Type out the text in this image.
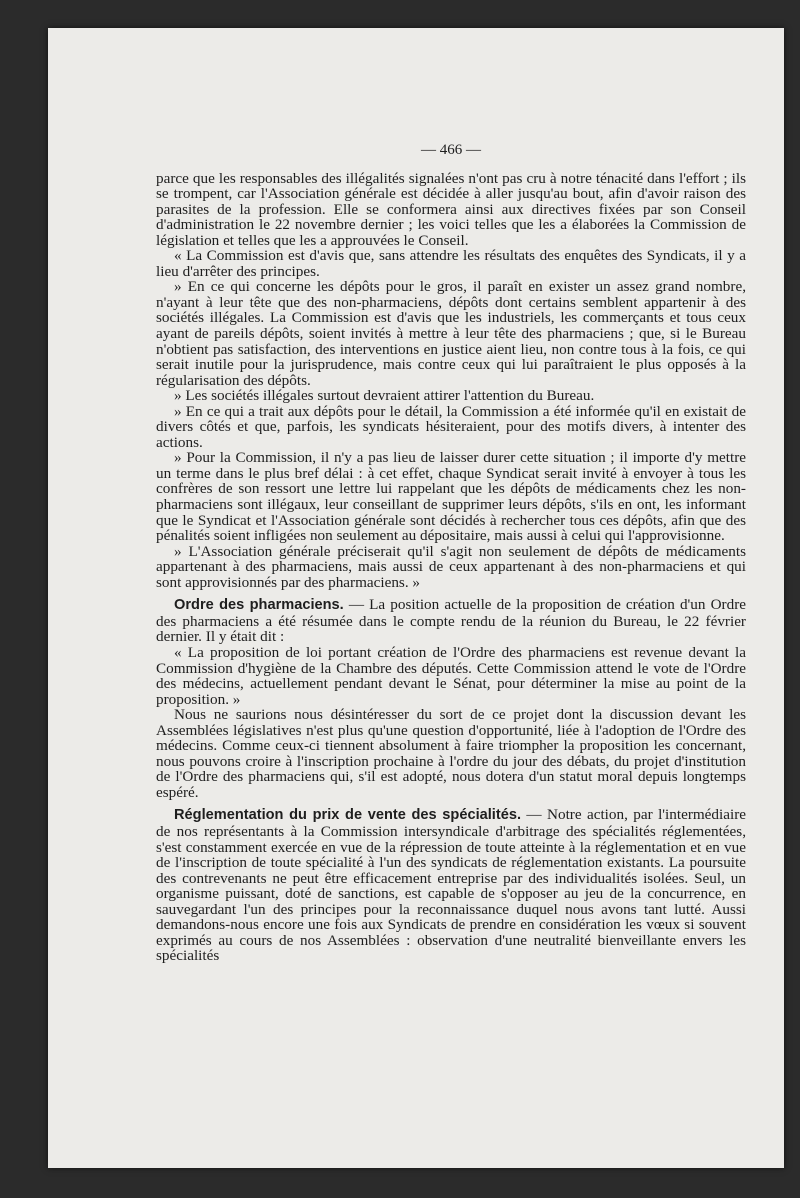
— 466 —

parce que les responsables des illégalités signalées n'ont pas cru à notre ténacité dans l'effort ; ils se trompent, car l'Association générale est décidée à aller jusqu'au bout, afin d'avoir raison des parasites de la profession. Elle se conformera ainsi aux directives fixées par son Conseil d'administration le 22 novembre dernier ; les voici telles que les a élaborées la Commission de législation et telles que les a approuvées le Conseil.

« La Commission est d'avis que, sans attendre les résultats des enquêtes des Syndicats, il y a lieu d'arrêter des principes.

» En ce qui concerne les dépôts pour le gros, il paraît en exister un assez grand nombre, n'ayant à leur tête que des non-pharmaciens, dépôts dont certains semblent appartenir à des sociétés illégales. La Commission est d'avis que les industriels, les commerçants et tous ceux ayant de pareils dépôts, soient invités à mettre à leur tête des pharmaciens ; que, si le Bureau n'obtient pas satisfaction, des interventions en justice aient lieu, non contre tous à la fois, ce qui serait inutile pour la jurisprudence, mais contre ceux qui lui paraîtraient le plus opposés à la régularisation des dépôts.

» Les sociétés illégales surtout devraient attirer l'attention du Bureau.

» En ce qui a trait aux dépôts pour le détail, la Commission a été informée qu'il en existait de divers côtés et que, parfois, les syndicats hésiteraient, pour des motifs divers, à intenter des actions.

» Pour la Commission, il n'y a pas lieu de laisser durer cette situation ; il importe d'y mettre un terme dans le plus bref délai : à cet effet, chaque Syndicat serait invité à envoyer à tous les confrères de son ressort une lettre lui rappelant que les dépôts de médicaments chez les non-pharmaciens sont illégaux, leur conseillant de supprimer leurs dépôts, s'ils en ont, les informant que le Syndicat et l'Association générale sont décidés à rechercher tous ces dépôts, afin que des pénalités soient infligées non seulement au dépositaire, mais aussi à celui qui l'approvisionne.

» L'Association générale préciserait qu'il s'agit non seulement de dépôts de médicaments appartenant à des pharmaciens, mais aussi de ceux appartenant à des non-pharmaciens et qui sont approvisionnés par des pharmaciens. »

Ordre des pharmaciens. — La position actuelle de la proposition de création d'un Ordre des pharmaciens a été résumée dans le compte rendu de la réunion du Bureau, le 22 février dernier. Il y était dit :

« La proposition de loi portant création de l'Ordre des pharmaciens est revenue devant la Commission d'hygiène de la Chambre des députés. Cette Commission attend le vote de l'Ordre des médecins, actuellement pendant devant le Sénat, pour déterminer la mise au point de la proposition. »

Nous ne saurions nous désintéresser du sort de ce projet dont la discussion devant les Assemblées législatives n'est plus qu'une question d'opportunité, liée à l'adoption de l'Ordre des médecins. Comme ceux-ci tiennent absolument à faire triompher la proposition les concernant, nous pouvons croire à l'inscription prochaine à l'ordre du jour des débats, du projet d'institution de l'Ordre des pharmaciens qui, s'il est adopté, nous dotera d'un statut moral depuis longtemps espéré.

Réglementation du prix de vente des spécialités. — Notre action, par l'intermédiaire de nos représentants à la Commission intersyndicale d'arbitrage des spécialités réglementées, s'est constamment exercée en vue de la répression de toute atteinte à la réglementation et en vue de l'inscription de toute spécialité à l'un des syndicats de réglementation existants. La poursuite des contrevenants ne peut être efficacement entreprise par des individualités isolées. Seul, un organisme puissant, doté de sanctions, est capable de s'opposer au jeu de la concurrence, en sauvegardant l'un des principes pour la reconnaissance duquel nous avons tant lutté. Aussi demandons-nous encore une fois aux Syndicats de prendre en considération les vœux si souvent exprimés au cours de nos Assemblées : observation d'une neutralité bienveillante envers les spécialités
